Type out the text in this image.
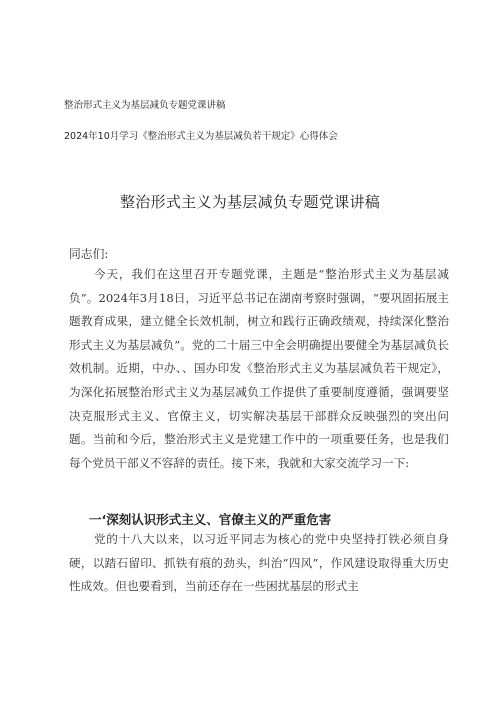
整治形式主义为基层减负专题党课讲稿
2024年10月学习《整治形式主义为基层减负若干规定》心得体会
整治形式主义为基层减负专题党课讲稿
同志们:
今天，我们在这里召开专题党课，主题是“整治形式主义为基层减负”。2024年3月18日，习近平总书记在湖南考察时强调，“要巩固拓展主题教育成果，建立健全长效机制，树立和践行正确政绩观，持续深化整治形式主义为基层减负”。党的二十届三中全会明确提出要健全为基层减负长效机制。近期，中办、、国办印发《整治形式主义为基层减负若干规定》，为深化拓展整治形式主义为基层减负工作提供了重要制度遵循，强调要坚决克服形式主义、官僚主义，切实解决基层干部群众反映强烈的突出问题。当前和今后，整治形式主义是党建工作中的一项重要任务，也是我们每个党员干部义不容辞的责任。接下来，我就和大家交流学习一下:
一‘深刻认识形式主义、官僚主义的严重危害
党的十八大以来，以习近平同志为核心的党中央坚持打铁必须自身硬，以踏石留印、抓铁有痕的劲头，纠治“四风”，作风建设取得重大历史性成效。但也要看到，当前还存在一些困扰基层的形式主
